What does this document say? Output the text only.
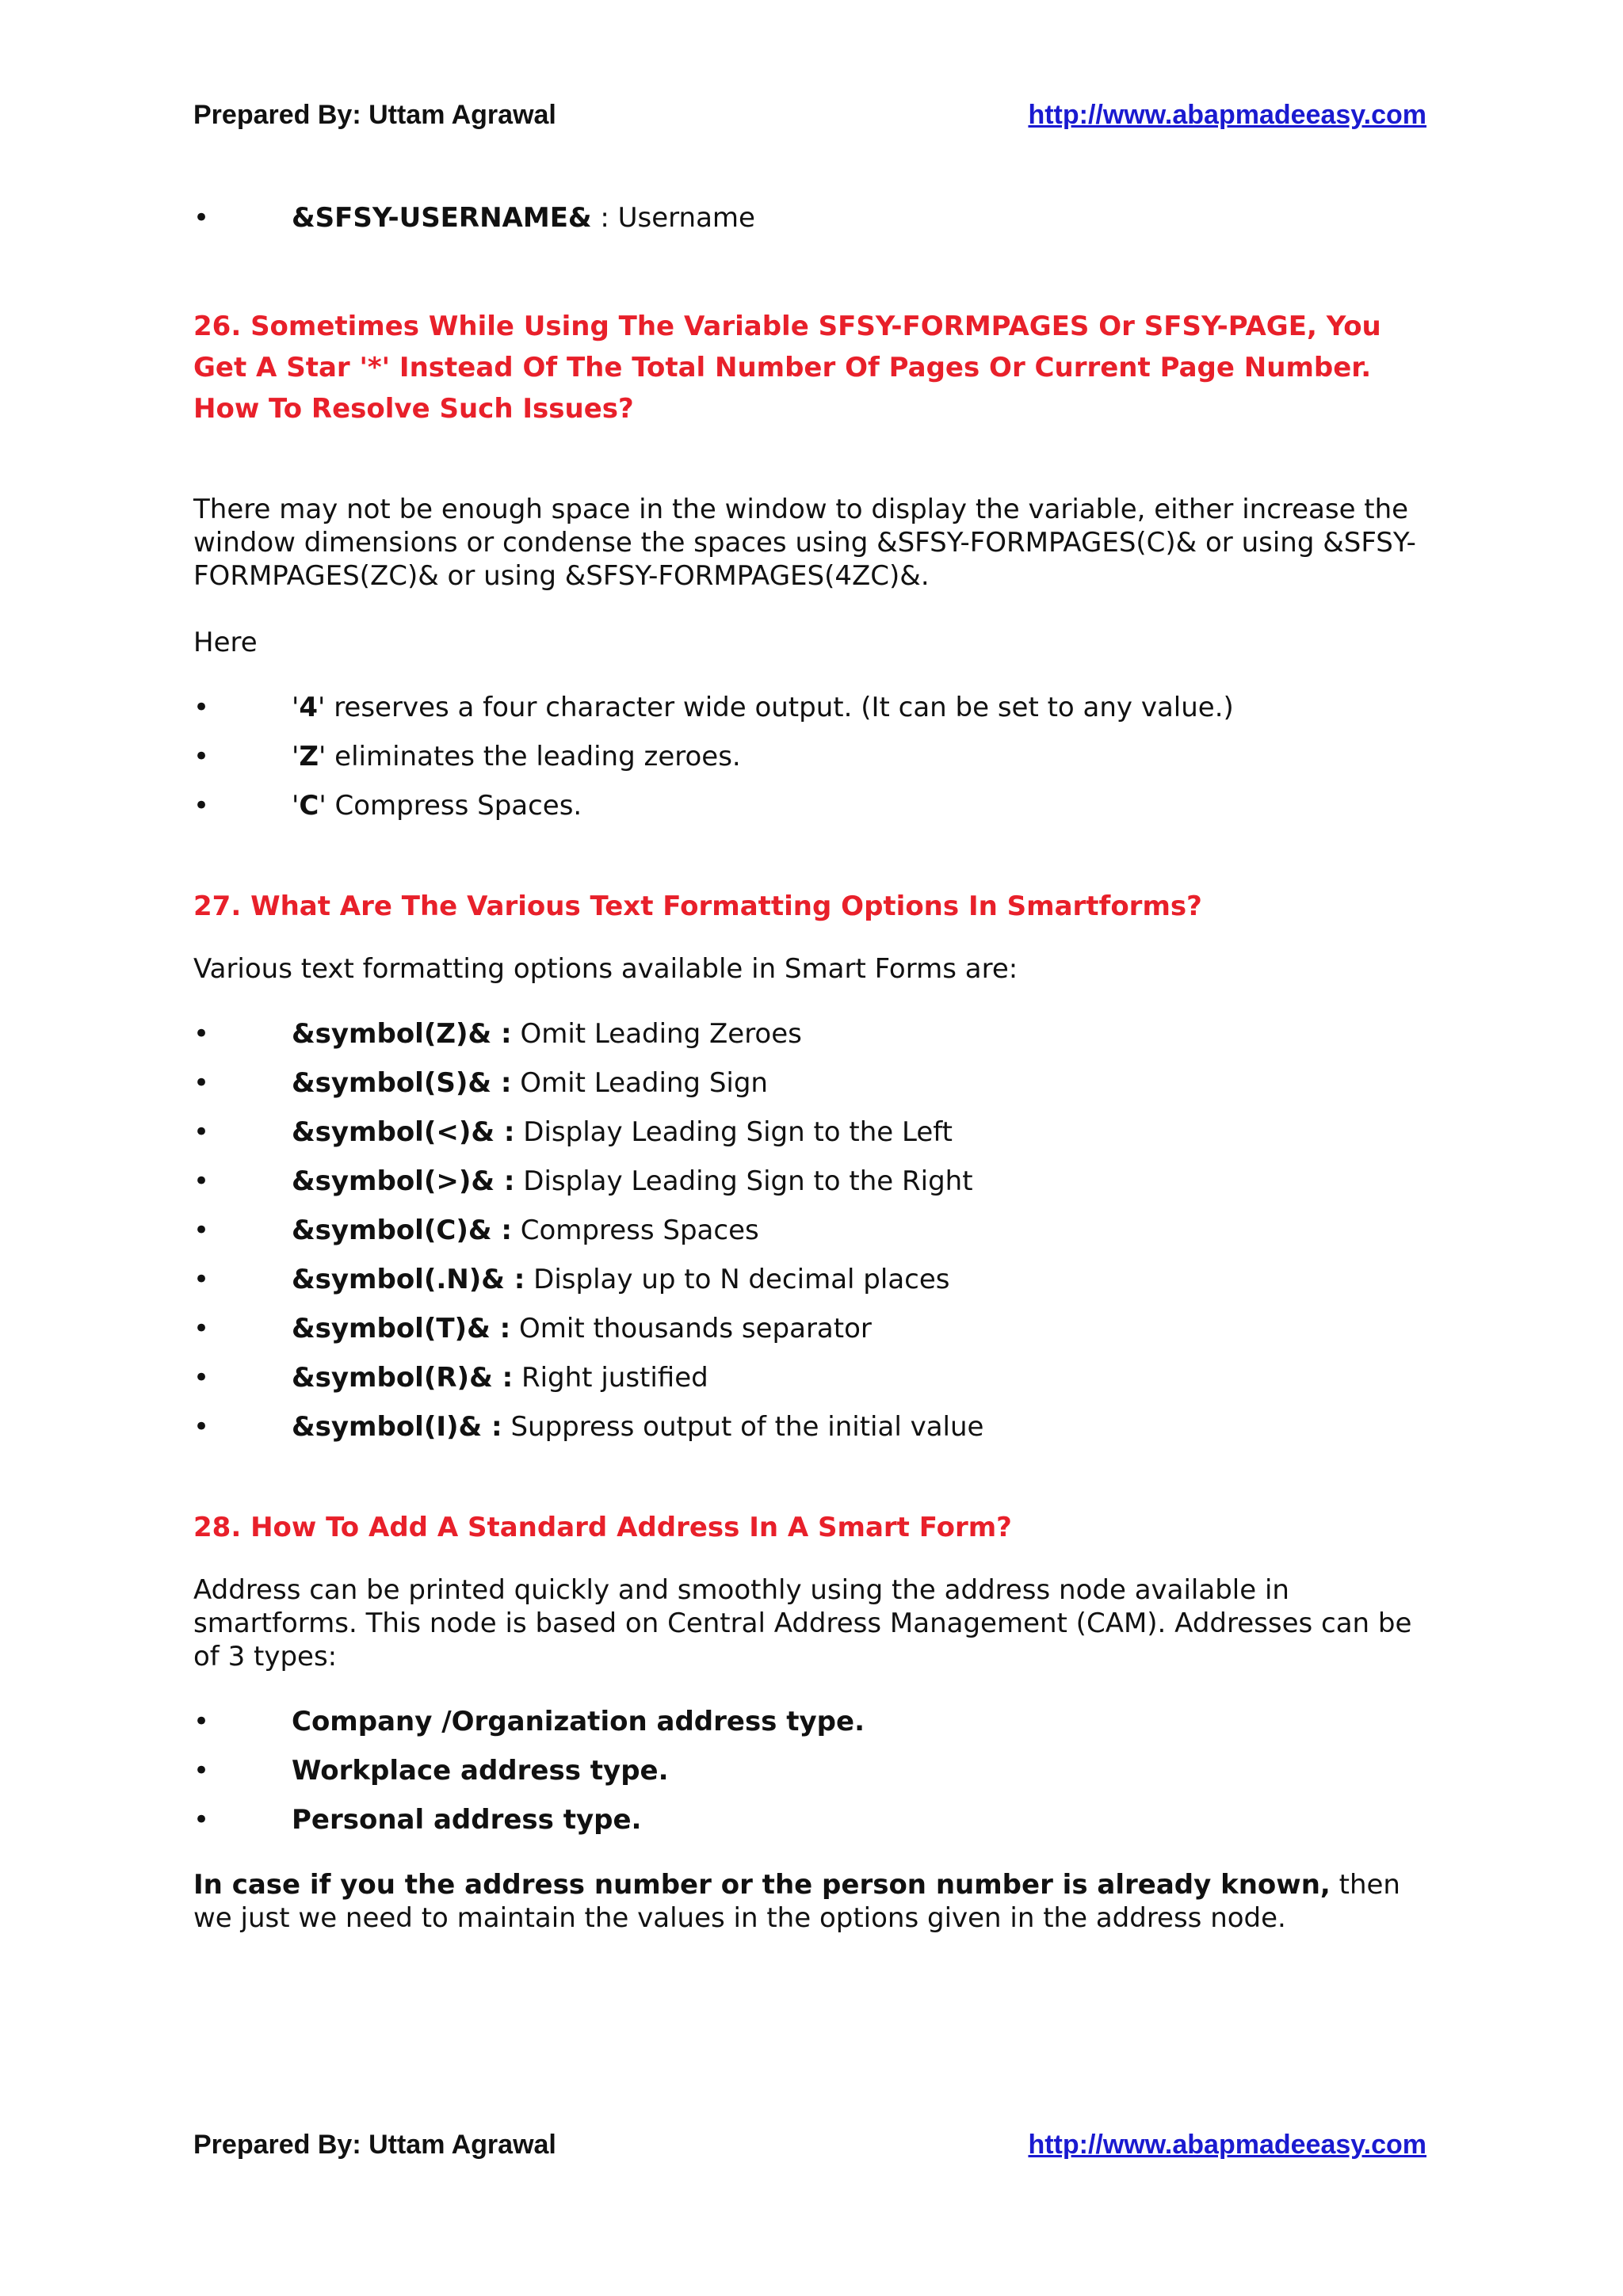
Prepared By: Uttam Agrawal	http://www.abapmadeeasy.com
•	&SFSY-USERNAME& : Username
26. Sometimes While Using The Variable SFSY-FORMPAGES Or SFSY-PAGE, You Get A Star '*' Instead Of The Total Number Of Pages Or Current Page Number. How To Resolve Such Issues?

There may not be enough space in the window to display the variable, either increase the window dimensions or condense the spaces using &SFSY-FORMPAGES(C)& or using &SFSY-FORMPAGES(ZC)& or using &SFSY-FORMPAGES(4ZC)&.

Here

•	'4' reserves a four character wide output. (It can be set to any value.)
•	'Z' eliminates the leading zeroes.
•	'C' Compress Spaces.
27. What Are The Various Text Formatting Options In Smartforms?

Various text formatting options available in Smart Forms are:

•	&symbol(Z)& : Omit Leading Zeroes
•	&symbol(S)& : Omit Leading Sign
•	&symbol(<)& : Display Leading Sign to the Left
•	&symbol(>)& : Display Leading Sign to the Right
•	&symbol(C)& : Compress Spaces
•	&symbol(.N)& : Display up to N decimal places
•	&symbol(T)& : Omit thousands separator
•	&symbol(R)& : Right justified
•	&symbol(I)& : Suppress output of the initial value
28. How To Add A Standard Address In A Smart Form?

Address can be printed quickly and smoothly using the address node available in smartforms. This node is based on Central Address Management (CAM). Addresses can be of 3 types:

•	Company /Organization address type.
•	Workplace address type.
•	Personal address type.

In case if you the address number or the person number is already known, then we just we need to maintain the values in the options given in the address node.

Prepared By: Uttam Agrawal	http://www.abapmadeeasy.com
